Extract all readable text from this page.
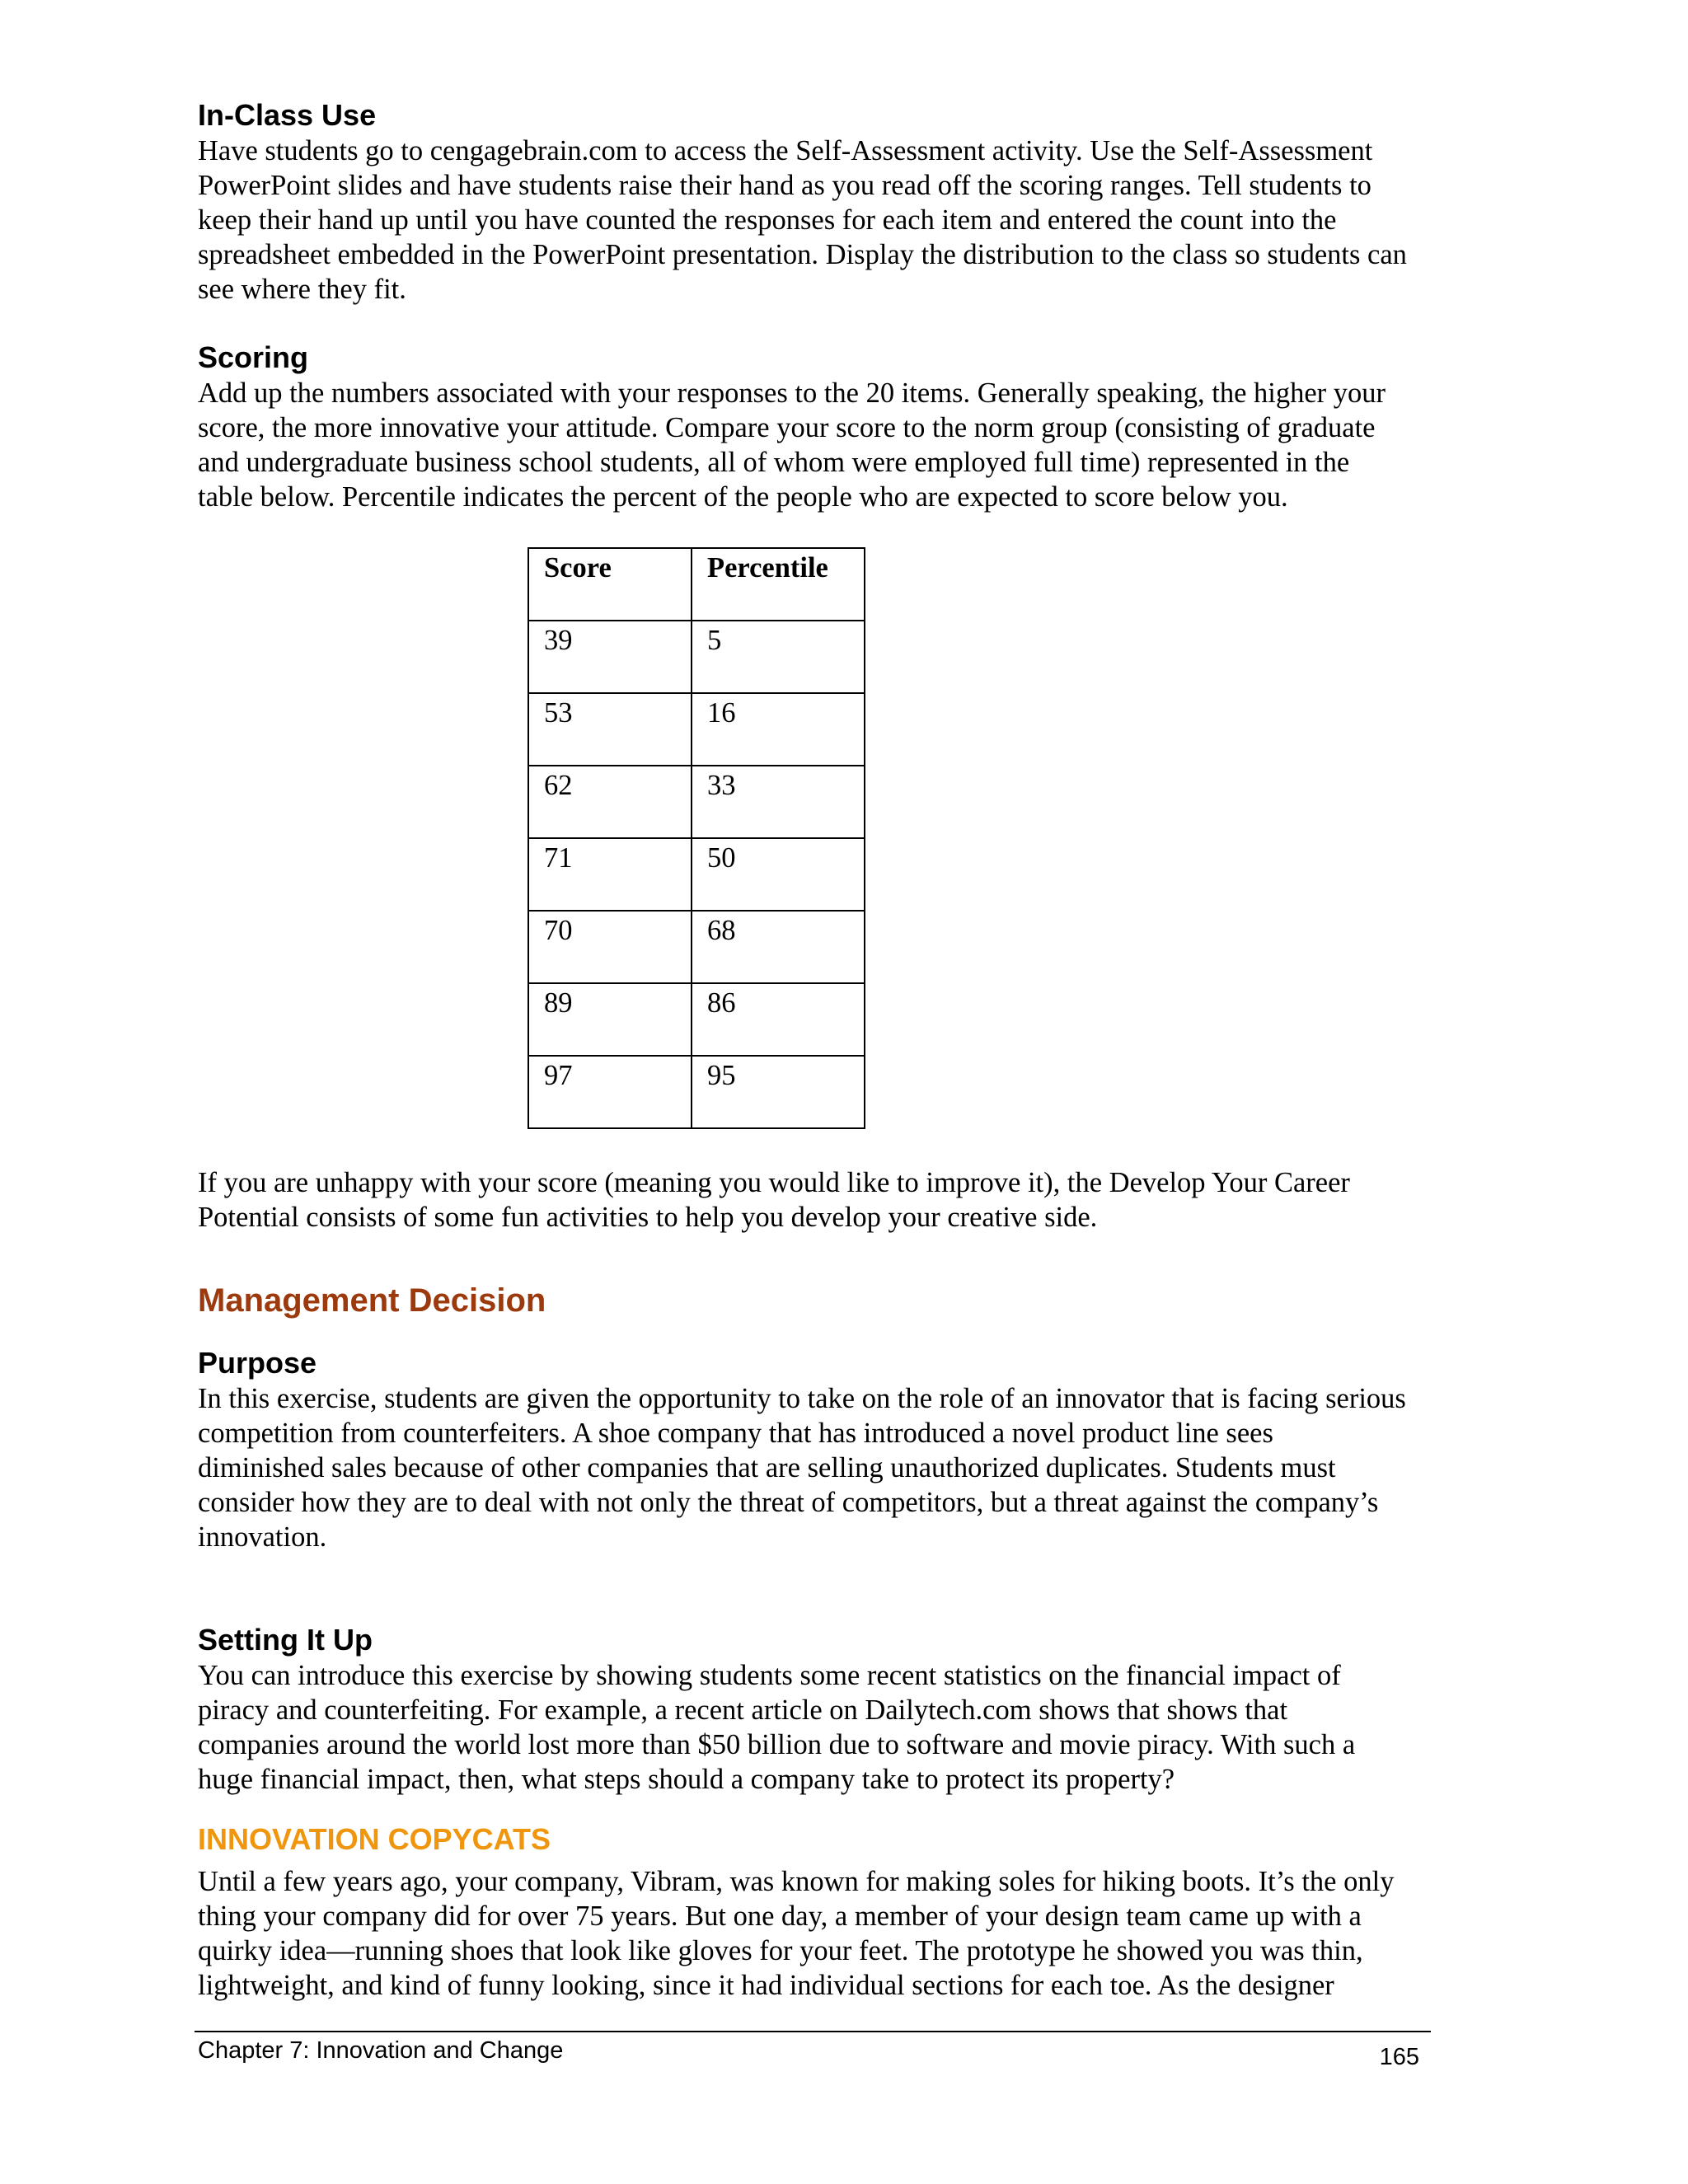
In-Class Use

Have students go to cengagebrain.com to access the Self-Assessment activity. Use the Self-Assessment
PowerPoint slides and have students raise their hand as you read off the scoring ranges. Tell students to
keep their hand up until you have counted the responses for each item and entered the count into the
spreadsheet embedded in the PowerPoint presentation. Display the distribution to the class so students can
see where they fit.

Scoring

Add up the numbers associated with your responses to the 20 items. Generally speaking, the higher your
score, the more innovative your attitude. Compare your score to the norm group (consisting of graduate
and undergraduate business school students, all of whom were employed full time) represented in the
table below. Percentile indicates the percent of the people who are expected to score below you.

Score	Percentile
39	5
53	16
62	33
71	50
70	68
89	86
97	95

If you are unhappy with your score (meaning you would like to improve it), the Develop Your Career
Potential consists of some fun activities to help you develop your creative side.

Management Decision
Purpose

In this exercise, students are given the opportunity to take on the role of an innovator that is facing serious
competition from counterfeiters. A shoe company that has introduced a novel product line sees
diminished sales because of other companies that are selling unauthorized duplicates. Students must
consider how they are to deal with not only the threat of competitors, but a threat against the company’s
innovation.

Setting It Up

You can introduce this exercise by showing students some recent statistics on the financial impact of
piracy and counterfeiting. For example, a recent article on Dailytech.com shows that shows that
companies around the world lost more than $50 billion due to software and movie piracy. With such a
huge financial impact, then, what steps should a company take to protect its property?

INNOVATION COPYCATS

Until a few years ago, your company, Vibram, was known for making soles for hiking boots. It’s the only
thing your company did for over 75 years. But one day, a member of your design team came up with a
quirky idea—running shoes that look like gloves for your feet. The prototype he showed you was thin,
lightweight, and kind of funny looking, since it had individual sections for each toe. As the designer

Chapter 7: Innovation and Change	165
